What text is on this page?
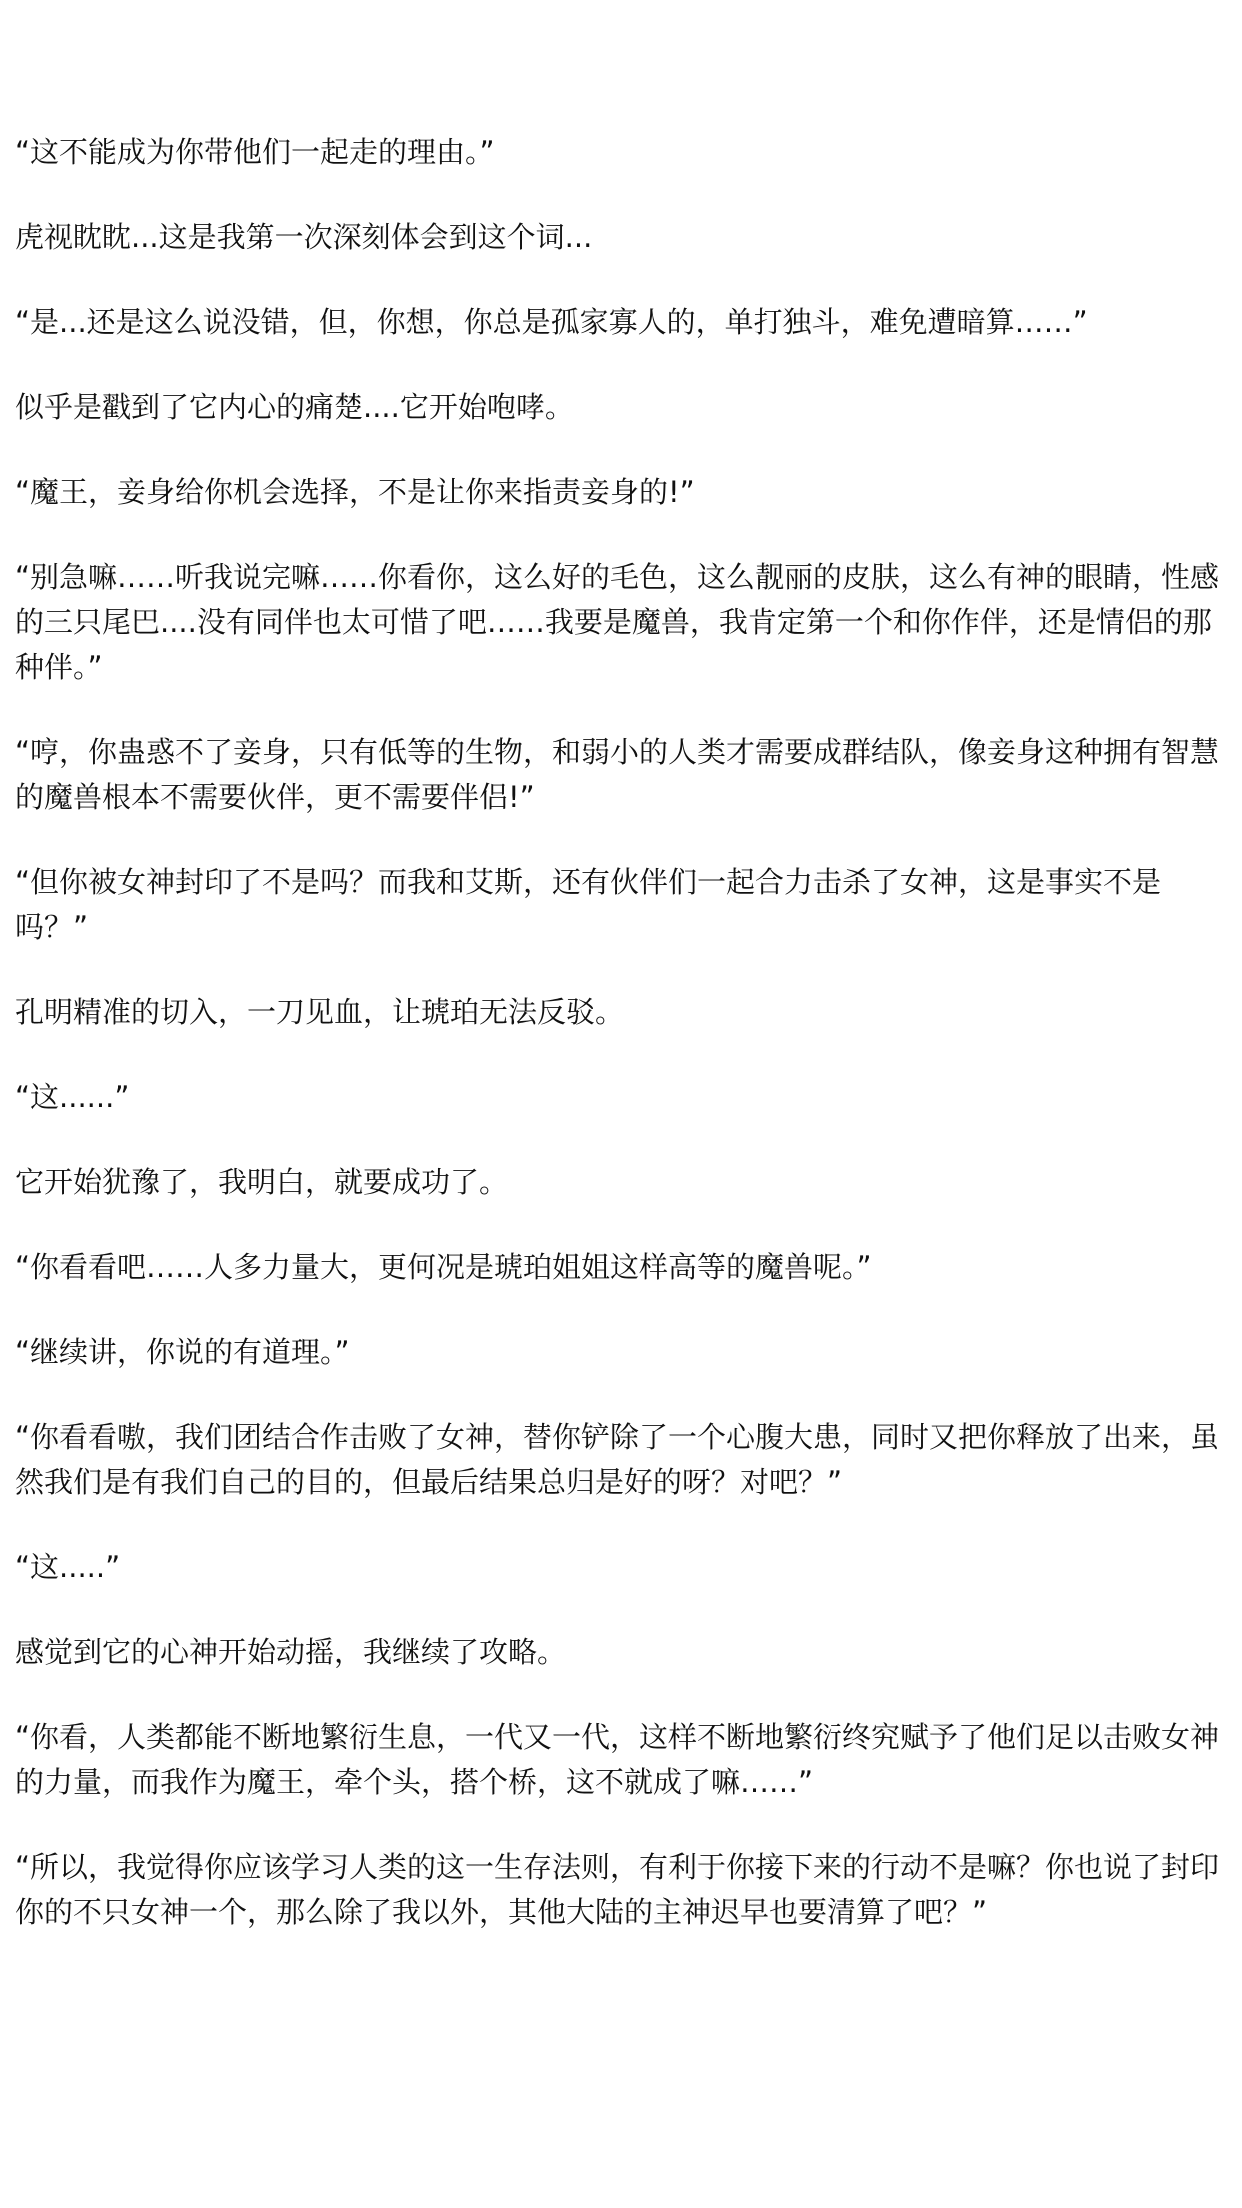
“这不能成为你带他们一起走的理由。”

虎视眈眈...这是我第一次深刻体会到这个词...

“是...还是这么说没错，但，你想，你总是孤家寡人的，单打独斗，难免遭暗算……”

似乎是戳到了它内心的痛楚....它开始咆哮。

“魔王，妾身给你机会选择，不是让你来指责妾身的!”

“别急嘛……听我说完嘛……你看你，这么好的毛色，这么靓丽的皮肤，这么有神的眼睛，性感的三只尾巴....没有同伴也太可惜了吧……我要是魔兽，我肯定第一个和你作伴，还是情侣的那种伴。”

“哼，你蛊惑不了妾身，只有低等的生物，和弱小的人类才需要成群结队，像妾身这种拥有智慧的魔兽根本不需要伙伴，更不需要伴侣!”

“但你被女神封印了不是吗？而我和艾斯，还有伙伴们一起合力击杀了女神，这是事实不是吗？”

孔明精准的切入，一刀见血，让琥珀无法反驳。

“这......”

它开始犹豫了，我明白，就要成功了。

“你看看吧……人多力量大，更何况是琥珀姐姐这样高等的魔兽呢。”

“继续讲，你说的有道理。”

“你看看嗷，我们团结合作击败了女神，替你铲除了一个心腹大患，同时又把你释放了出来，虽然我们是有我们自己的目的，但最后结果总归是好的呀？对吧？”

“这.....”

感觉到它的心神开始动摇，我继续了攻略。

“你看，人类都能不断地繁衍生息，一代又一代，这样不断地繁衍终究赋予了他们足以击败女神的力量，而我作为魔王，牵个头，搭个桥，这不就成了嘛……”

“所以，我觉得你应该学习人类的这一生存法则，有利于你接下来的行动不是嘛？你也说了封印你的不只女神一个，那么除了我以外，其他大陆的主神迟早也要清算了吧？”
